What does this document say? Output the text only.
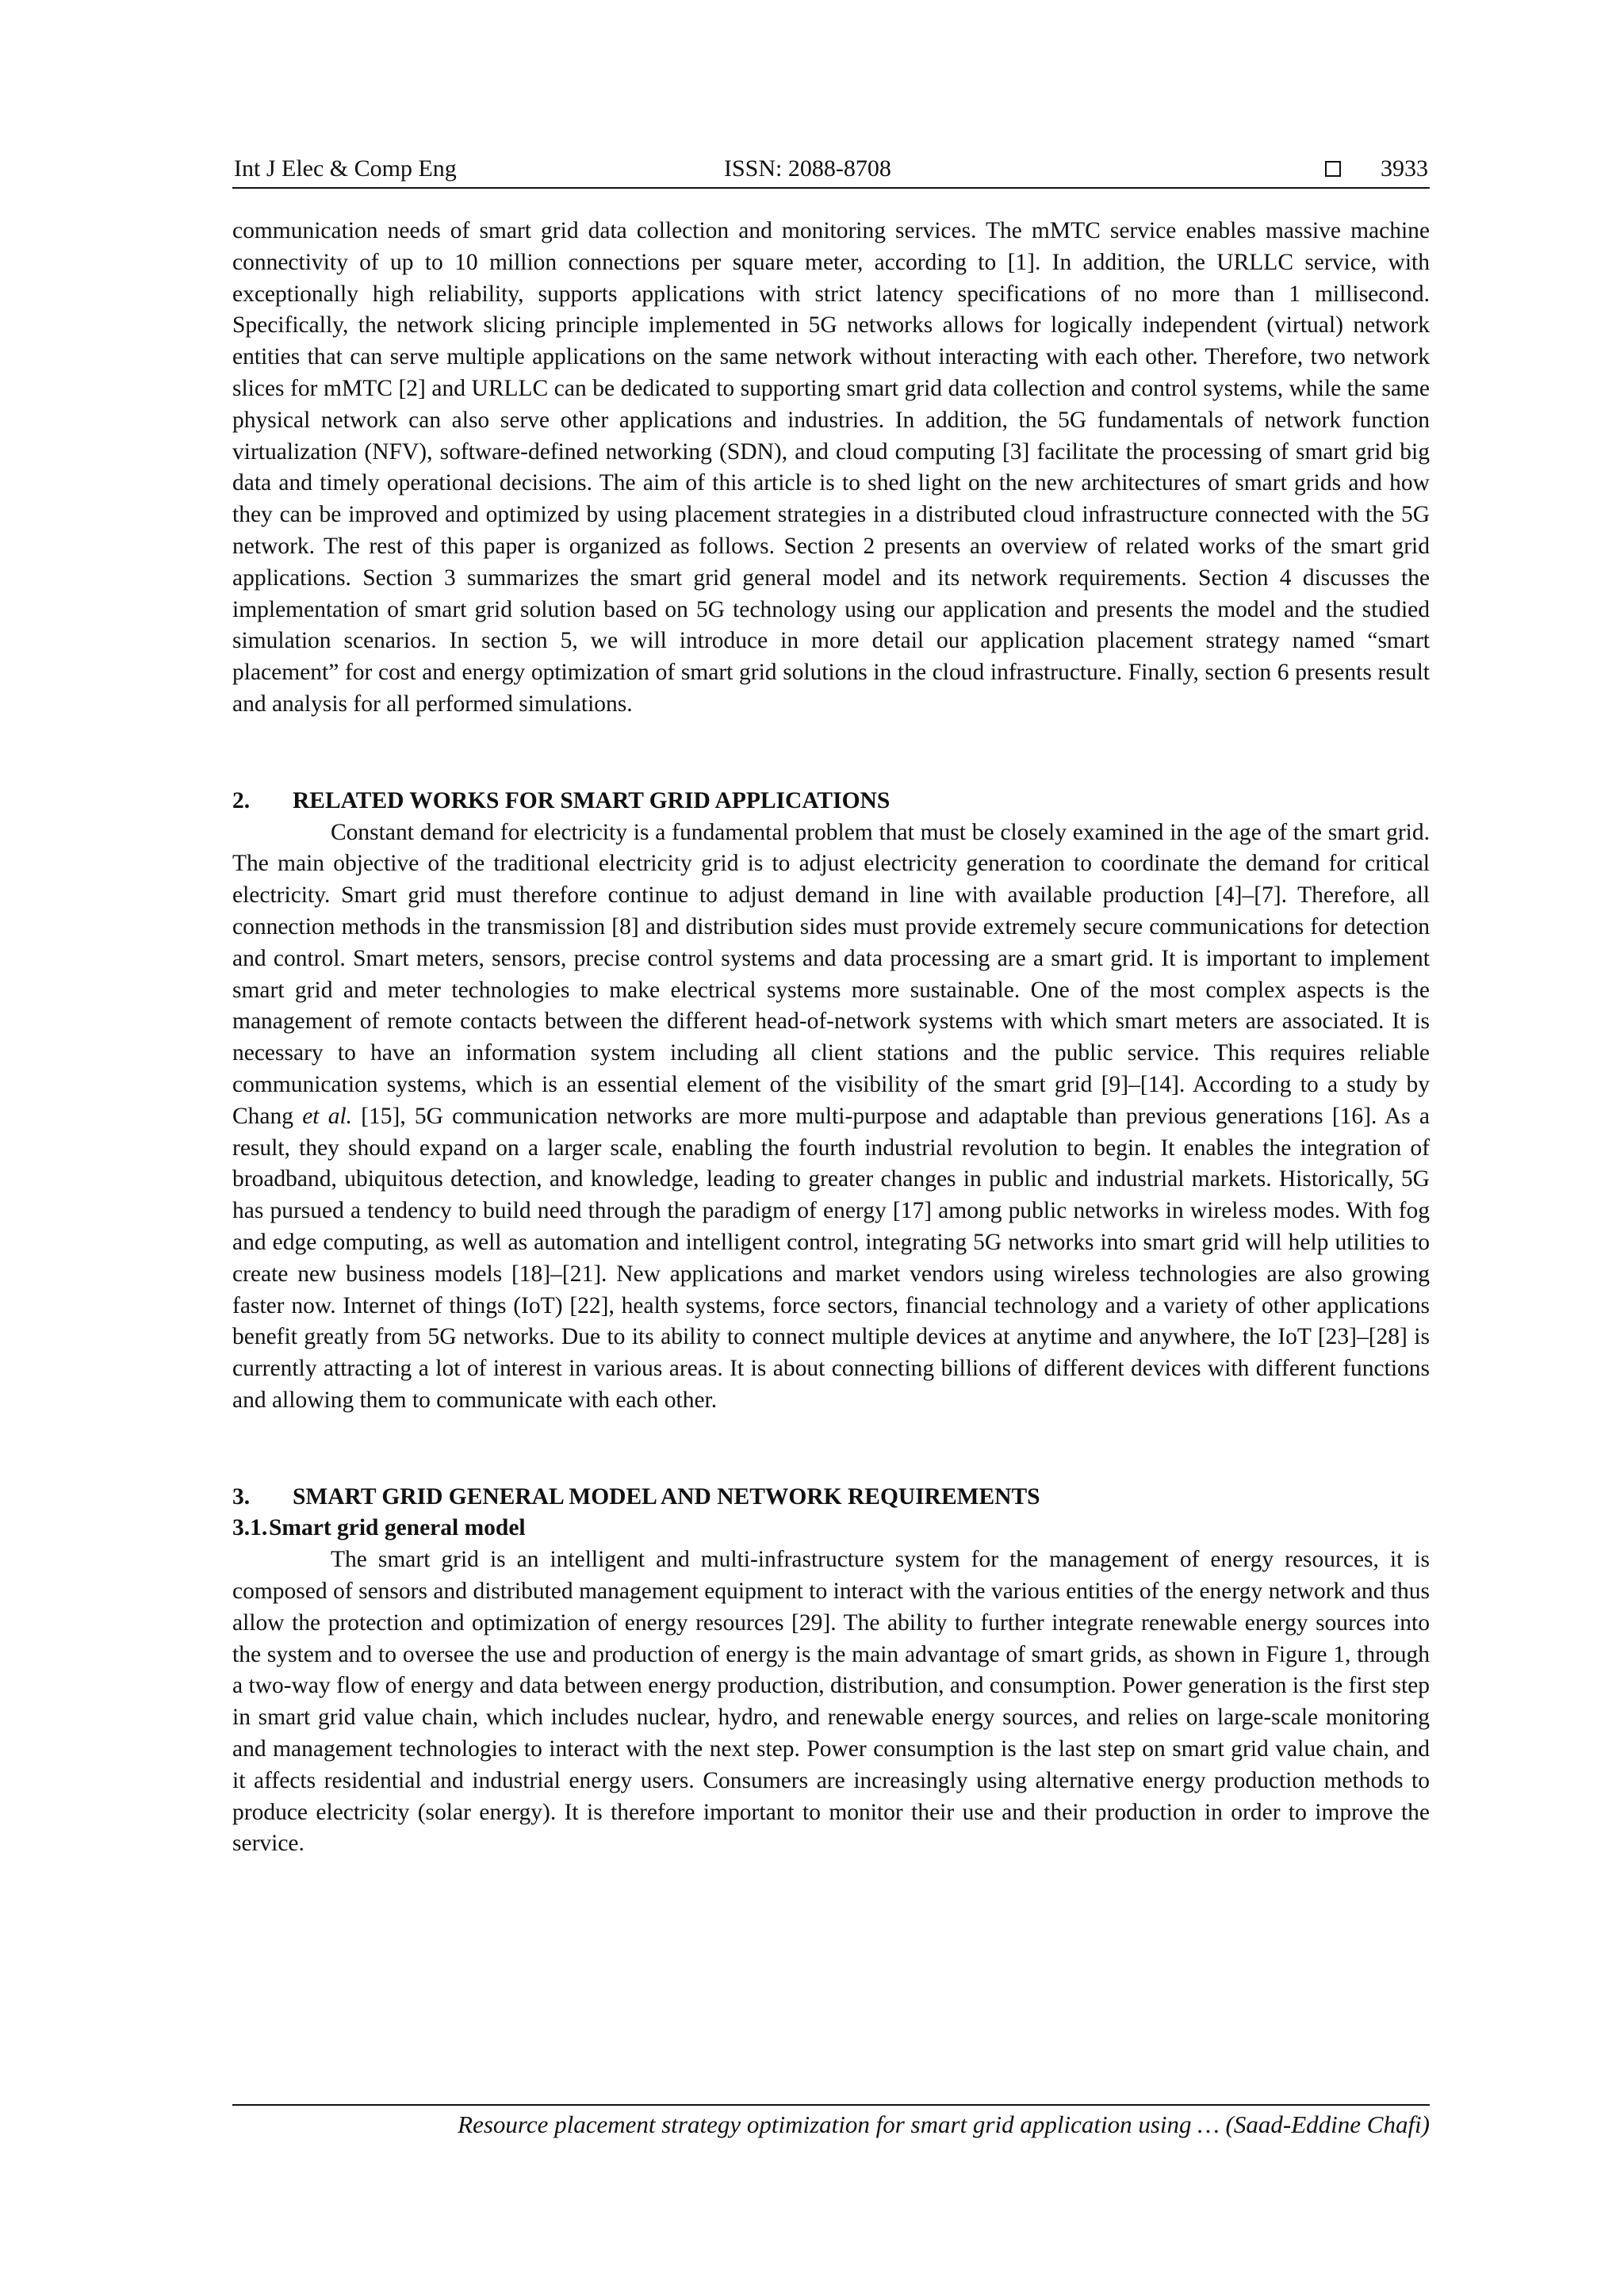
Int J Elec & Comp Eng	ISSN: 2088-8708	3933

communication needs of smart grid data collection and monitoring services. The mMTC service enables massive machine connectivity of up to 10 million connections per square meter, according to [1]. In addition, the URLLC service, with exceptionally high reliability, supports applications with strict latency specifications of no more than 1 millisecond. Specifically, the network slicing principle implemented in 5G networks allows for logically independent (virtual) network entities that can serve multiple applications on the same network without interacting with each other. Therefore, two network slices for mMTC [2] and URLLC can be dedicated to supporting smart grid data collection and control systems, while the same physical network can also serve other applications and industries. In addition, the 5G fundamentals of network function virtualization (NFV), software-defined networking (SDN), and cloud computing [3] facilitate the processing of smart grid big data and timely operational decisions. The aim of this article is to shed light on the new architectures of smart grids and how they can be improved and optimized by using placement strategies in a distributed cloud infrastructure connected with the 5G network. The rest of this paper is organized as follows. Section 2 presents an overview of related works of the smart grid applications. Section 3 summarizes the smart grid general model and its network requirements. Section 4 discusses the implementation of smart grid solution based on 5G technology using our application and presents the model and the studied simulation scenarios. In section 5, we will introduce in more detail our application placement strategy named “smart placement” for cost and energy optimization of smart grid solutions in the cloud infrastructure. Finally, section 6 presents result and analysis for all performed simulations.

2. RELATED WORKS FOR SMART GRID APPLICATIONS

Constant demand for electricity is a fundamental problem that must be closely examined in the age of the smart grid. The main objective of the traditional electricity grid is to adjust electricity generation to coordinate the demand for critical electricity. Smart grid must therefore continue to adjust demand in line with available production [4]–[7]. Therefore, all connection methods in the transmission [8] and distribution sides must provide extremely secure communications for detection and control. Smart meters, sensors, precise control systems and data processing are a smart grid. It is important to implement smart grid and meter technologies to make electrical systems more sustainable. One of the most complex aspects is the management of remote contacts between the different head-of-network systems with which smart meters are associated. It is necessary to have an information system including all client stations and the public service. This requires reliable communication systems, which is an essential element of the visibility of the smart grid [9]–[14]. According to a study by Chang et al. [15], 5G communication networks are more multi-purpose and adaptable than previous generations [16]. As a result, they should expand on a larger scale, enabling the fourth industrial revolution to begin. It enables the integration of broadband, ubiquitous detection, and knowledge, leading to greater changes in public and industrial markets. Historically, 5G has pursued a tendency to build need through the paradigm of energy [17] among public networks in wireless modes. With fog and edge computing, as well as automation and intelligent control, integrating 5G networks into smart grid will help utilities to create new business models [18]–[21]. New applications and market vendors using wireless technologies are also growing faster now. Internet of things (IoT) [22], health systems, force sectors, financial technology and a variety of other applications benefit greatly from 5G networks. Due to its ability to connect multiple devices at anytime and anywhere, the IoT [23]–[28] is currently attracting a lot of interest in various areas. It is about connecting billions of different devices with different functions and allowing them to communicate with each other.

3. SMART GRID GENERAL MODEL AND NETWORK REQUIREMENTS
3.1.Smart grid general model

The smart grid is an intelligent and multi-infrastructure system for the management of energy resources, it is composed of sensors and distributed management equipment to interact with the various entities of the energy network and thus allow the protection and optimization of energy resources [29]. The ability to further integrate renewable energy sources into the system and to oversee the use and production of energy is the main advantage of smart grids, as shown in Figure 1, through a two-way flow of energy and data between energy production, distribution, and consumption. Power generation is the first step in smart grid value chain, which includes nuclear, hydro, and renewable energy sources, and relies on large-scale monitoring and management technologies to interact with the next step. Power consumption is the last step on smart grid value chain, and it affects residential and industrial energy users. Consumers are increasingly using alternative energy production methods to produce electricity (solar energy). It is therefore important to monitor their use and their production in order to improve the service.

Resource placement strategy optimization for smart grid application using … (Saad-Eddine Chafi)
